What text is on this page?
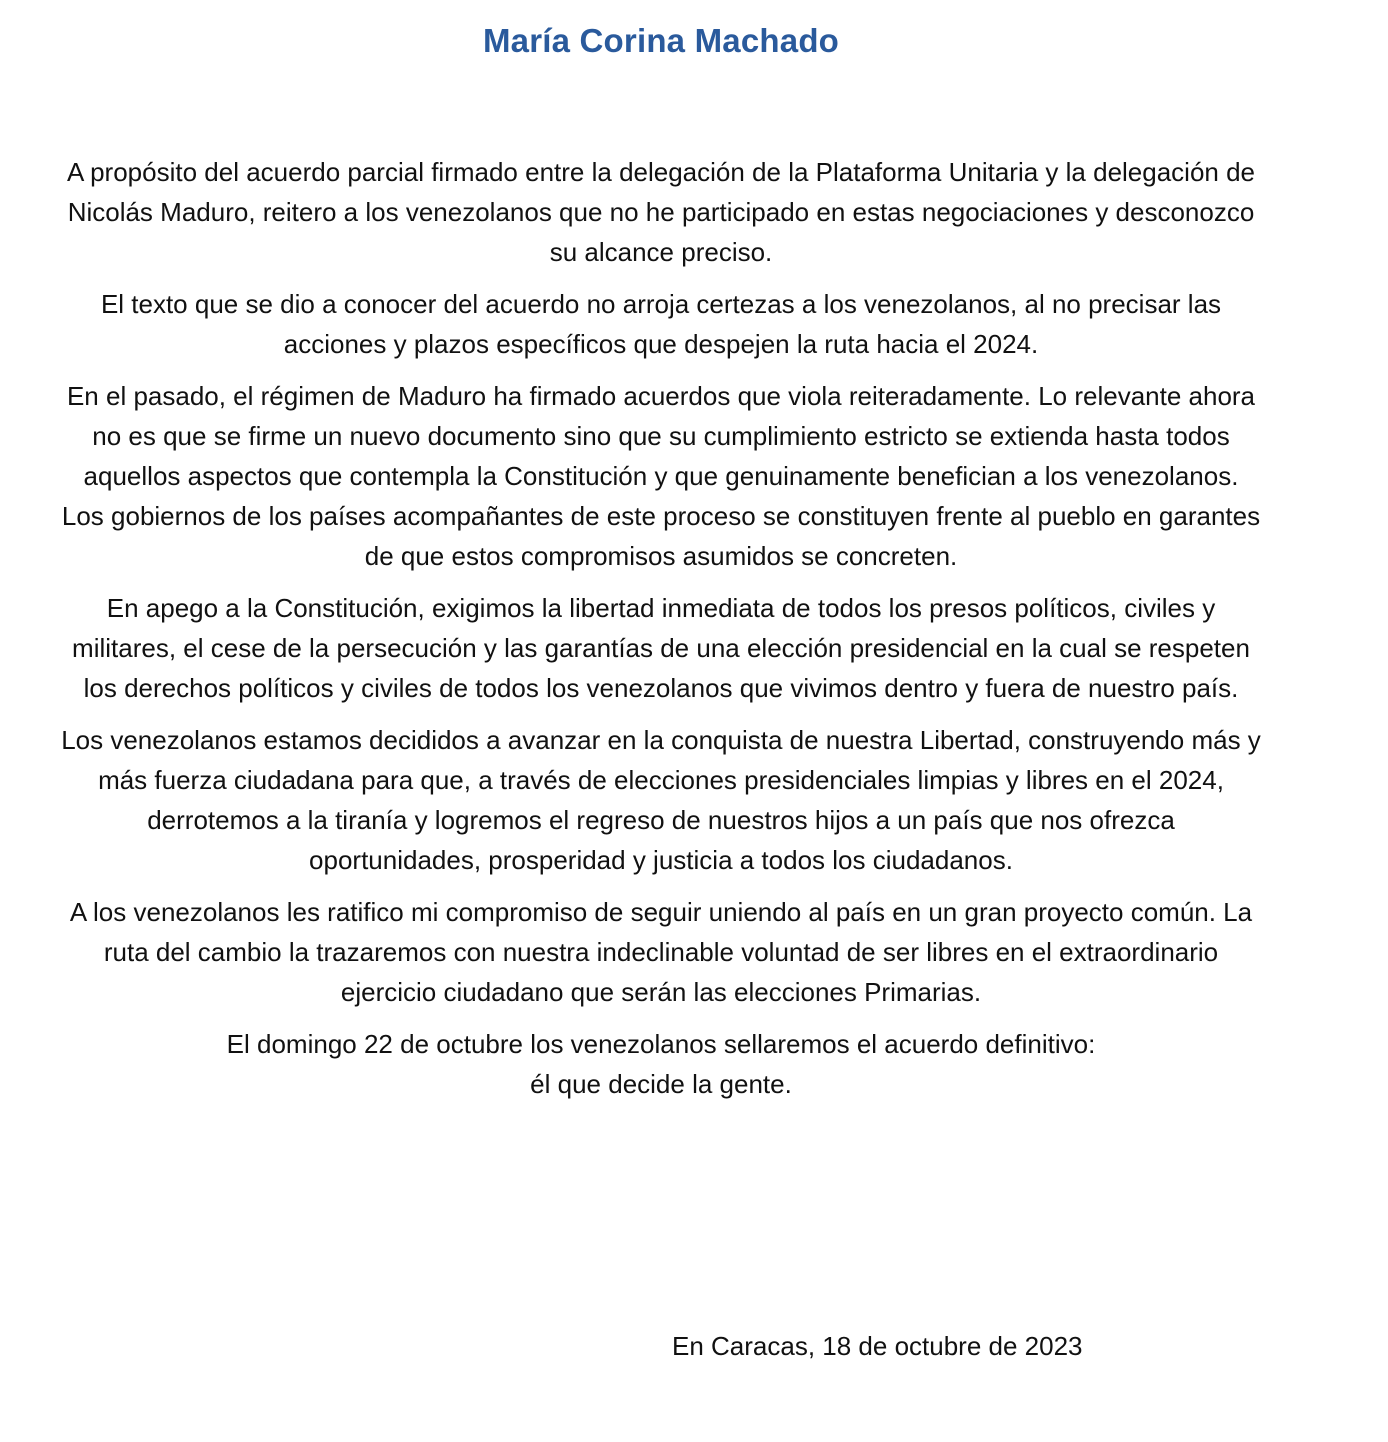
María Corina Machado

A propósito del acuerdo parcial firmado entre la delegación de la Plataforma Unitaria y la delegación de Nicolás Maduro, reitero a los venezolanos que no he participado en estas negociaciones y desconozco su alcance preciso.

El texto que se dio a conocer del acuerdo no arroja certezas a los venezolanos, al no precisar las acciones y plazos específicos que despejen la ruta hacia el 2024.

En el pasado, el régimen de Maduro ha firmado acuerdos que viola reiteradamente. Lo relevante ahora no es que se firme un nuevo documento sino que su cumplimiento estricto se extienda hasta todos aquellos aspectos que contempla la Constitución y que genuinamente benefician a los venezolanos. Los gobiernos de los países acompañantes de este proceso se constituyen frente al pueblo en garantes de que estos compromisos asumidos se concreten.

En apego a la Constitución, exigimos la libertad inmediata de todos los presos políticos, civiles y militares, el cese de la persecución y las garantías de una elección presidencial en la cual se respeten los derechos políticos y civiles de todos los venezolanos que vivimos dentro y fuera de nuestro país.

Los venezolanos estamos decididos a avanzar en la conquista de nuestra Libertad, construyendo más y más fuerza ciudadana para que, a través de elecciones presidenciales limpias y libres en el 2024, derrotemos a la tiranía y logremos el regreso de nuestros hijos a un país que nos ofrezca oportunidades, prosperidad y justicia a todos los ciudadanos.

A los venezolanos les ratifico mi compromiso de seguir uniendo al país en un gran proyecto común. La ruta del cambio la trazaremos con nuestra indeclinable voluntad de ser libres en el extraordinario ejercicio ciudadano que serán las elecciones Primarias.

El domingo 22 de octubre los venezolanos sellaremos el acuerdo definitivo:
él que decide la gente.

En Caracas, 18 de octubre de 2023
